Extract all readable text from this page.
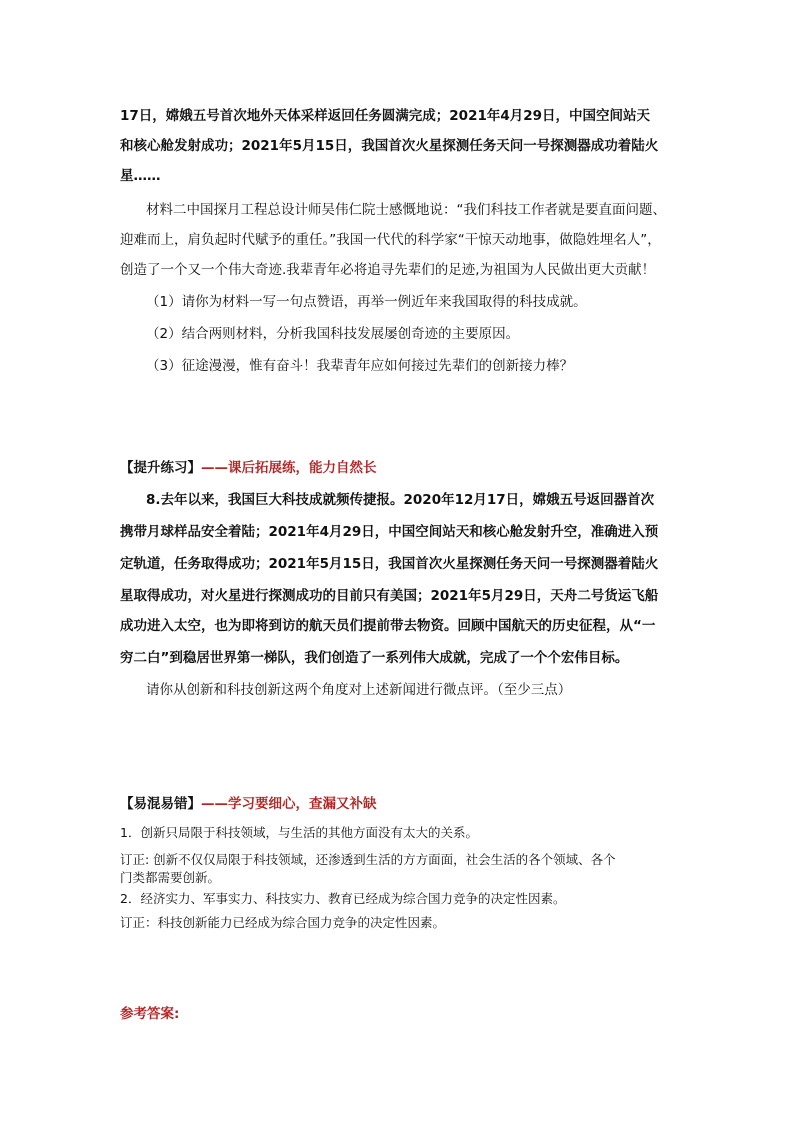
17日，嫦娥五号首次地外天体采样返回任务圆满完成；2021年4月29日，中国空间站天
和核心舱发射成功；2021年5月15日，我国首次火星探测任务天问一号探测器成功着陆火
星……
材料二中国探月工程总设计师吴伟仁院士感慨地说：“我们科技工作者就是要直面问题、
迎难而上，肩负起时代赋予的重任。”我国一代代的科学家“干惊天动地事，做隐姓埋名人”，
创造了一个又一个伟大奇迹.我辈青年必将追寻先辈们的足迹,为祖国为人民做出更大贡献！
（1）请你为材料一写一句点赞语，再举一例近年来我国取得的科技成就。
（2）结合两则材料，分析我国科技发展屡创奇迹的主要原因。
（3）征途漫漫，惟有奋斗！我辈青年应如何接过先辈们的创新接力棒？
【提升练习】——课后拓展练，能力自然长
8.去年以来，我国巨大科技成就频传捷报。2020年12月17日，嫦娥五号返回器首次
携带月球样品安全着陆；2021年4月29日，中国空间站天和核心舱发射升空，准确进入预
定轨道，任务取得成功；2021年5月15日，我国首次火星探测任务天问一号探测器着陆火
星取得成功，对火星进行探测成功的目前只有美国；2021年5月29日，天舟二号货运飞船
成功进入太空，也为即将到访的航天员们提前带去物资。回顾中国航天的历史征程，从“一
穷二白”到稳居世界第一梯队，我们创造了一系列伟大成就，完成了一个个宏伟目标。
请你从创新和科技创新这两个角度对上述新闻进行微点评。（至少三点）
【易混易错】——学习要细心，查漏又补缺
1．创新只局限于科技领域，与生活的其他方面没有太大的关系。
订正: 创新不仅仅局限于科技领域，还渗透到生活的方方面面，社会生活的各个领域、各个
门类都需要创新。
2．经济实力、军事实力、科技实力、教育已经成为综合国力竞争的决定性因素。
订正：科技创新能力已经成为综合国力竞争的决定性因素。
参考答案:
